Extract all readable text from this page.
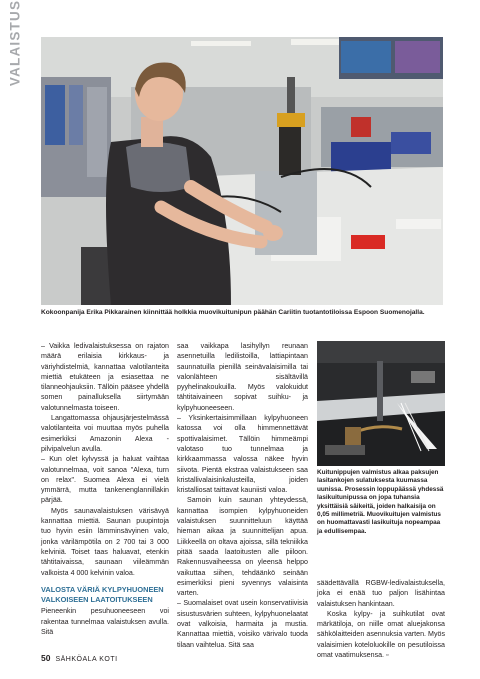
VALAISTUS

Kokoonpanija Erika Pikkarainen kiinnittää holkkia muovikuitunipun päähän Cariitin tuotantotiloissa Espoon Suomenojalla.

– Vaikka ledivalaistuksessa on rajaton määrä erilaisia kirkkaus- ja väriyhdistelmiä, kannattaa valotilanteita miettiä etukäteen ja esiasettaa ne tilanneohjauksiin. Tällöin pääsee yhdellä somen painalluksella siirtymään valotunnelmasta toiseen.

Langattomassa ohjausjärjestelmässä valotilanteita voi muuttaa myös puhella esimerkiksi Amazonin Alexa -pilvipalvelun avulla.

– Kun olet kylvyssä ja haluat vaihtaa valotunnelmaa, voit sanoa "Alexa, turn on relax". Suomea Alexa ei vielä ymmärrä, mutta tankenenglannillakin pärjää.

Myös saunavalaistuksen värisävyä kannattaa miettiä. Saunan puupintoja tuo hyvin esiin lämminsävyinen valo, jonka värilämpötila on 2 700 tai 3 000 kelviniä. Toiset taas haluavat, etenkin tähtitaivaissa, saunaan viileämmän valkoista 4 000 kelvinin valoa.

VALOSTA VÄRIÄ KYLPYHUONEEN VALKOISEEN LAATOITUKSEEN

Pieneenkin pesuhuoneeseen voi rakentaa tunnelmaa valaistuksen avulla. Sitä

saa vaikkapa lasihyllyn reunaan asennetuilla ledilistoilla, lattiapintaan saunnatuilla pienillä seinävalaisimilla tai valonlähteen sisältävillä pyyhelinakoukuilla. Myös valokuidut tähtitaivaineen sopivat suihku- ja kylpyhuoneeseen.

– Yksinkertaisimmillaan kylpyhuoneen katossa voi olla himmennettävät spottivalaisimet. Tällöin himmeämpi valotaso tuo tunnelmaa ja kirkkaammassa valossa näkee hyvin siivota. Pientä ekstraa valaistukseen saa kristallivalaisinkalusteilla, joiden kristalliosat taittavat kauniisti valoa.

Samoin kuin saunan yhteydessä, kannattaa isompien kylpyhuoneiden valaistuksen suunnitteluun käyttää hieman aikaa ja suunnittelijan apua. Liikkeellä on oltava ajoissa, sillä tekniikka pitää saada laatoitusten alle piiloon. Rakennusvaiheessa on yleensä helppo vaikuttaa siihen, tehdäänkö seinään esimerkiksi pieni syvennys valaisinta varten.

– Suomalaiset ovat usein konservatiivisia sisustusvärien suhteen, kylpyhuonelaatat ovat valkoisia, harmaita ja mustia. Kannattaa miettiä, voisiko värivalo tuoda tilaan vaihtelua. Sitä saa

Kuitunippujen valmistus alkaa paksujen lasitankojen sulatuksesta kuumassa uunissa. Prosessin loppupäässä yhdessä lasikuitunipussa on jopa tuhansia yksittäisiä säikeitä, joiden halkaisija on 0,05 millimetriä. Muovikuitujen valmistus on huomattavasti lasikuituja nopeampaa ja edullisempaa.

säädettävällä RGBW-ledivalaistuksella, joka ei enää tuo paljon lisähintaa valaistuksen hankintaan.

Koska kylpy- ja suihkutilat ovat märkätiloja, on niille omat aluejakonsa sähkölaitteiden asennuksia varten. Myös valaisimien koteloluokille on pesutiloissa omat vaatimuksensa. ▫

50 SÄHKÖALA KOTI
